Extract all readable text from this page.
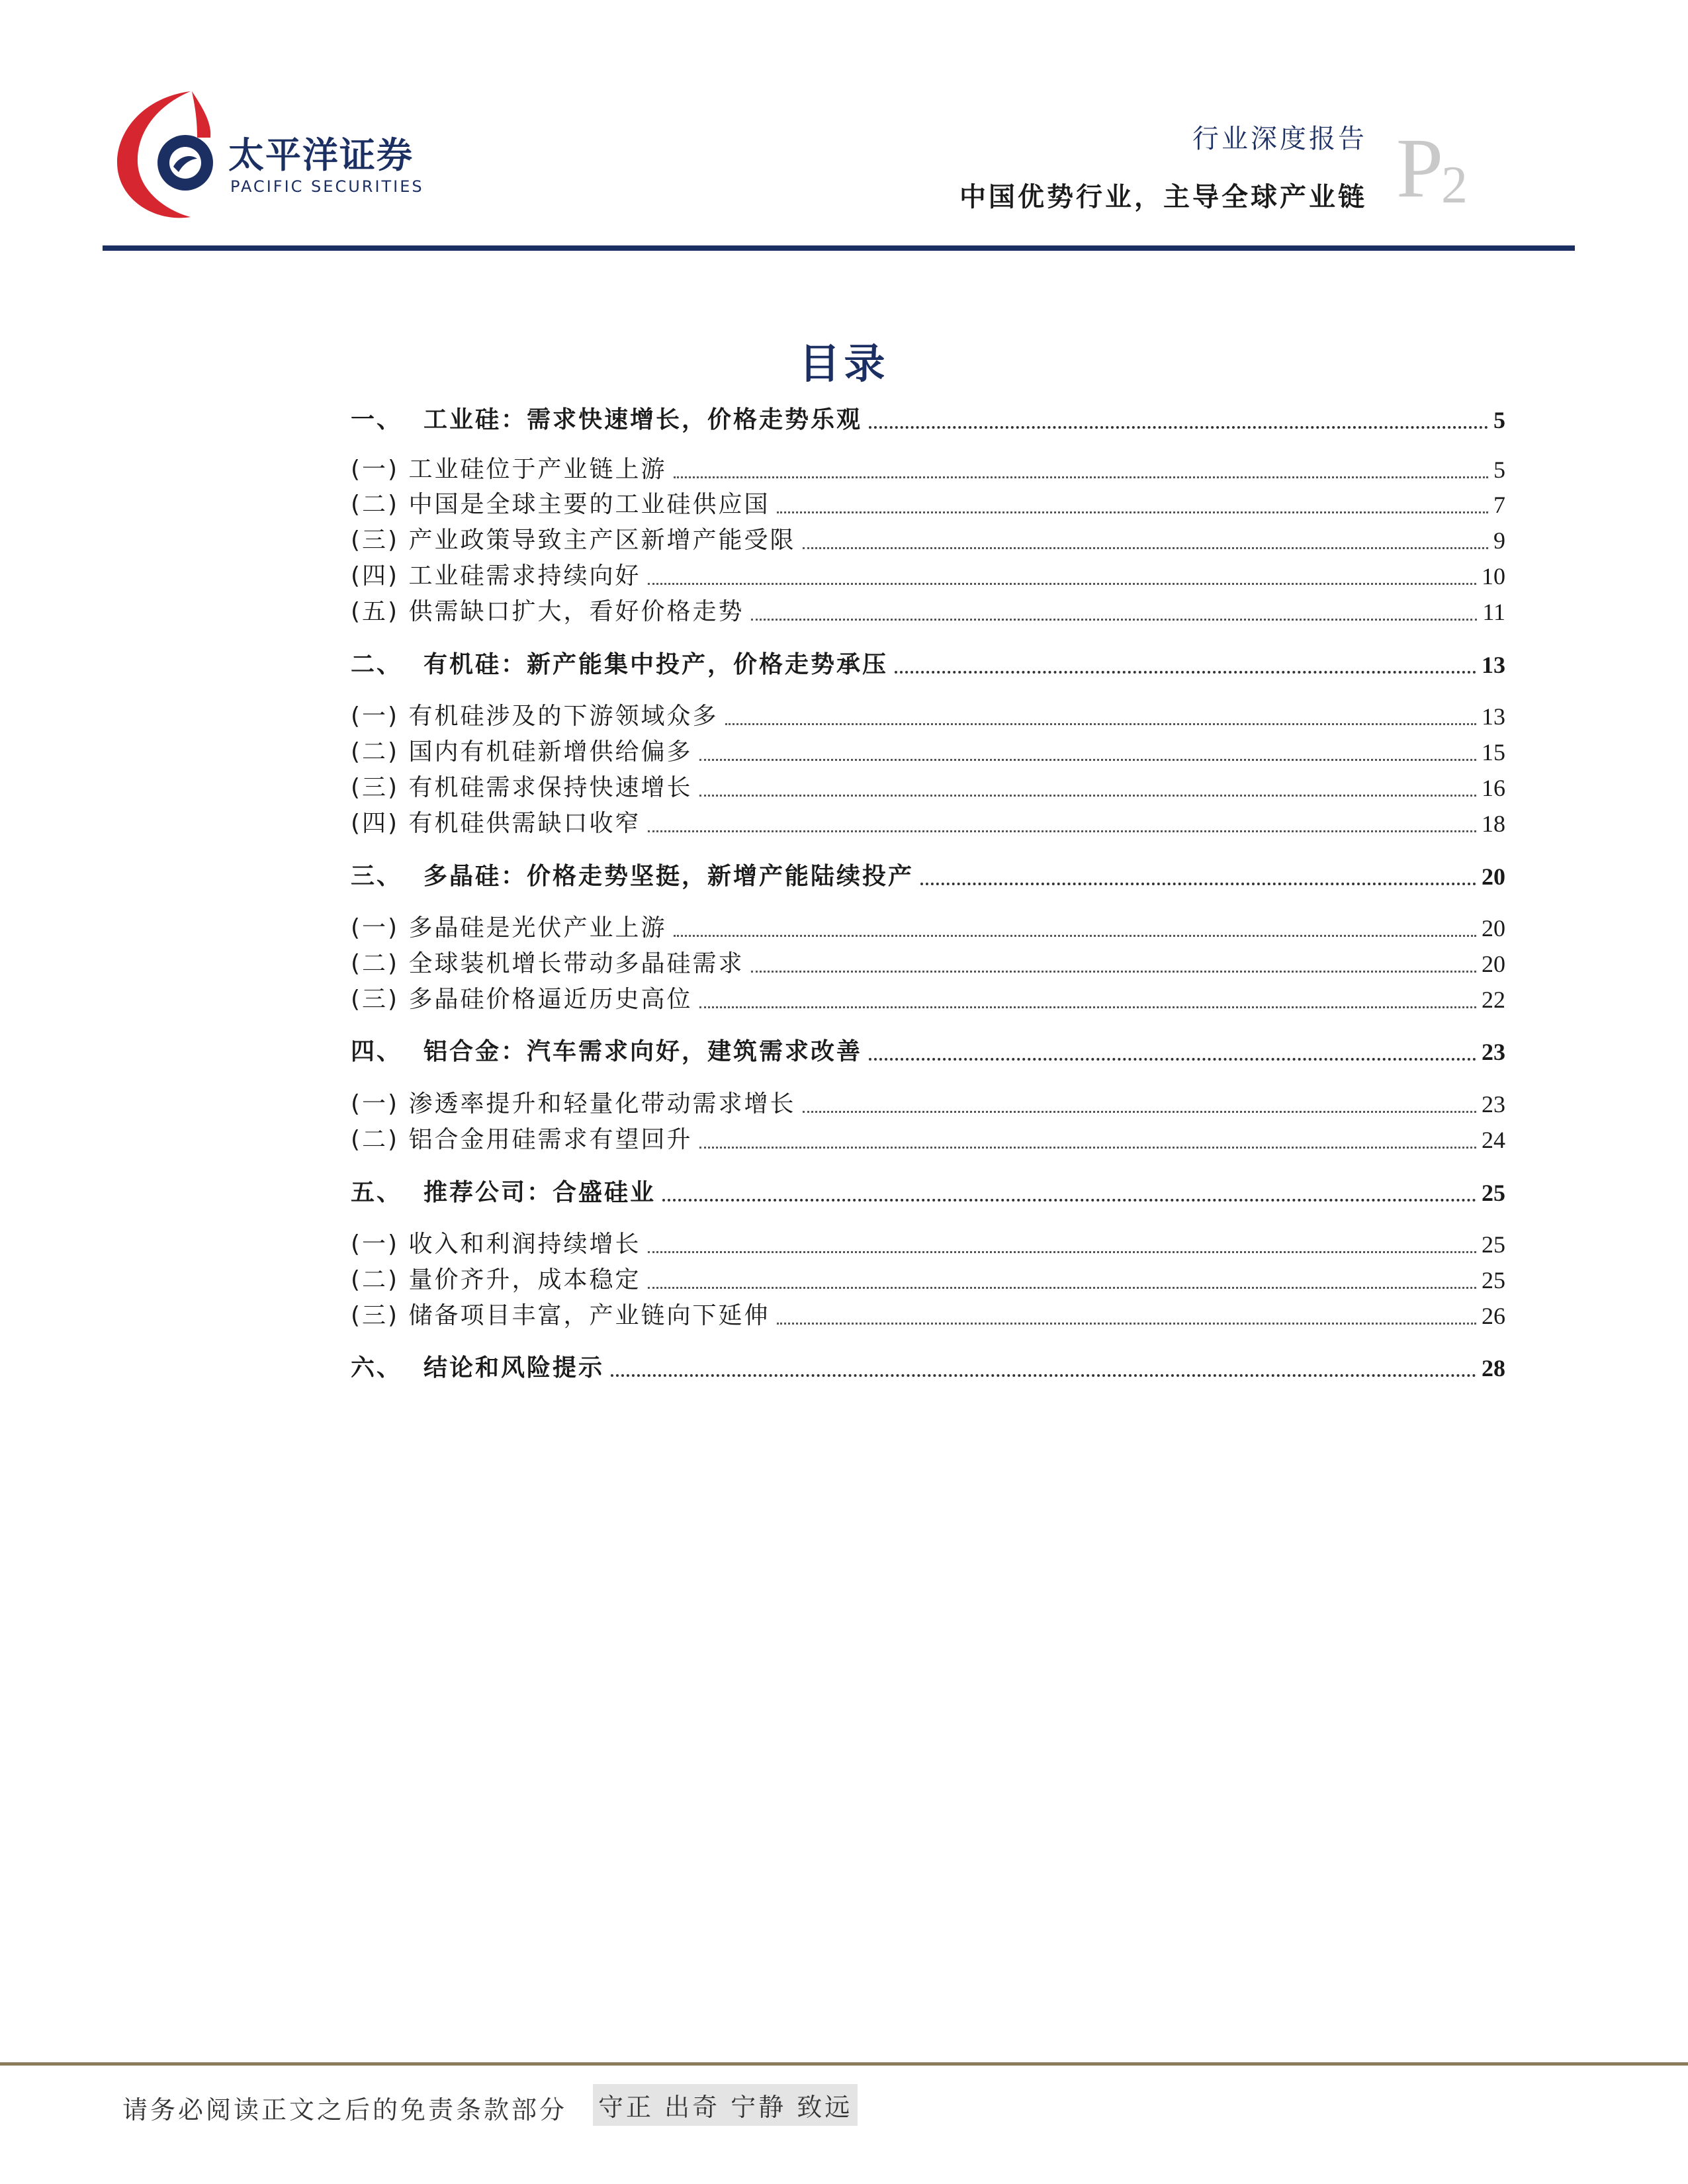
太平洋证券
PACIFIC SECURITIES
行业深度报告
中国优势行业，主导全球产业链 P
2
目录
一、 工业硅：需求快速增长，价格走势乐观	5
(一) 工业硅位于产业链上游	5
(二) 中国是全球主要的工业硅供应国	7
(三) 产业政策导致主产区新增产能受限	9
(四) 工业硅需求持续向好	10
(五) 供需缺口扩大，看好价格走势	11
二、 有机硅：新产能集中投产，价格走势承压	13
(一) 有机硅涉及的下游领域众多	13
(二) 国内有机硅新增供给偏多	15
(三) 有机硅需求保持快速增长	16
(四) 有机硅供需缺口收窄	18
三、 多晶硅：价格走势坚挺，新增产能陆续投产	20
(一) 多晶硅是光伏产业上游	20
(二) 全球装机增长带动多晶硅需求	20
(三) 多晶硅价格逼近历史高位	22
四、 铝合金：汽车需求向好，建筑需求改善	23
(一) 渗透率提升和轻量化带动需求增长	23
(二) 铝合金用硅需求有望回升	24
五、 推荐公司：合盛硅业	25
(一) 收入和利润持续增长	25
(二) 量价齐升，成本稳定	25
(三) 储备项目丰富，产业链向下延伸	26
六、 结论和风险提示	28
请务必阅读正文之后的免责条款部分 守正 出奇 宁静 致远
